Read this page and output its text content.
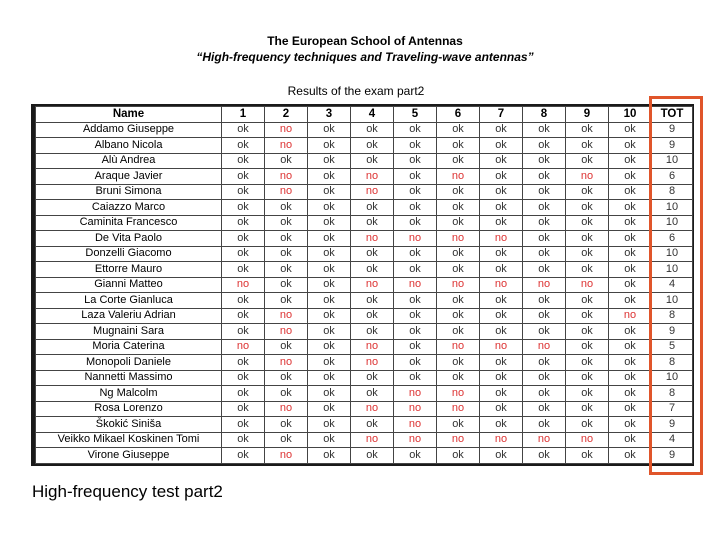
The European School of Antennas
“High-frequency techniques and Traveling-wave antennas”
Results of the exam part2
Name	1	2	3	4	5	6	7	8	9	10	TOT
Addamo Giuseppe	ok	no	ok	ok	ok	ok	ok	ok	ok	ok	9
Albano Nicola	ok	no	ok	ok	ok	ok	ok	ok	ok	ok	9
Alù Andrea	ok	ok	ok	ok	ok	ok	ok	ok	ok	ok	10
Araque Javier	ok	no	ok	no	ok	no	ok	ok	no	ok	6
Bruni Simona	ok	no	ok	no	ok	ok	ok	ok	ok	ok	8
Caiazzo Marco	ok	ok	ok	ok	ok	ok	ok	ok	ok	ok	10
Caminita Francesco	ok	ok	ok	ok	ok	ok	ok	ok	ok	ok	10
De Vita Paolo	ok	ok	ok	no	no	no	no	ok	ok	ok	6
Donzelli Giacomo	ok	ok	ok	ok	ok	ok	ok	ok	ok	ok	10
Ettorre Mauro	ok	ok	ok	ok	ok	ok	ok	ok	ok	ok	10
Gianni Matteo	no	ok	ok	no	no	no	no	no	no	ok	4
La Corte Gianluca	ok	ok	ok	ok	ok	ok	ok	ok	ok	ok	10
Laza Valeriu Adrian	ok	no	ok	ok	ok	ok	ok	ok	ok	no	8
Mugnaini Sara	ok	no	ok	ok	ok	ok	ok	ok	ok	ok	9
Moria Caterina	no	ok	ok	no	ok	no	no	no	ok	ok	5
Monopoli Daniele	ok	no	ok	no	ok	ok	ok	ok	ok	ok	8
Nannetti Massimo	ok	ok	ok	ok	ok	ok	ok	ok	ok	ok	10
Ng Malcolm	ok	ok	ok	ok	no	no	ok	ok	ok	ok	8
Rosa Lorenzo	ok	no	ok	no	no	no	ok	ok	ok	ok	7
Škokić Siniša	ok	ok	ok	ok	no	ok	ok	ok	ok	ok	9
Veikko Mikael Koskinen Tomi	ok	ok	ok	no	no	no	no	no	no	ok	4
Virone Giuseppe	ok	no	ok	ok	ok	ok	ok	ok	ok	ok	9
High-frequency test part2
